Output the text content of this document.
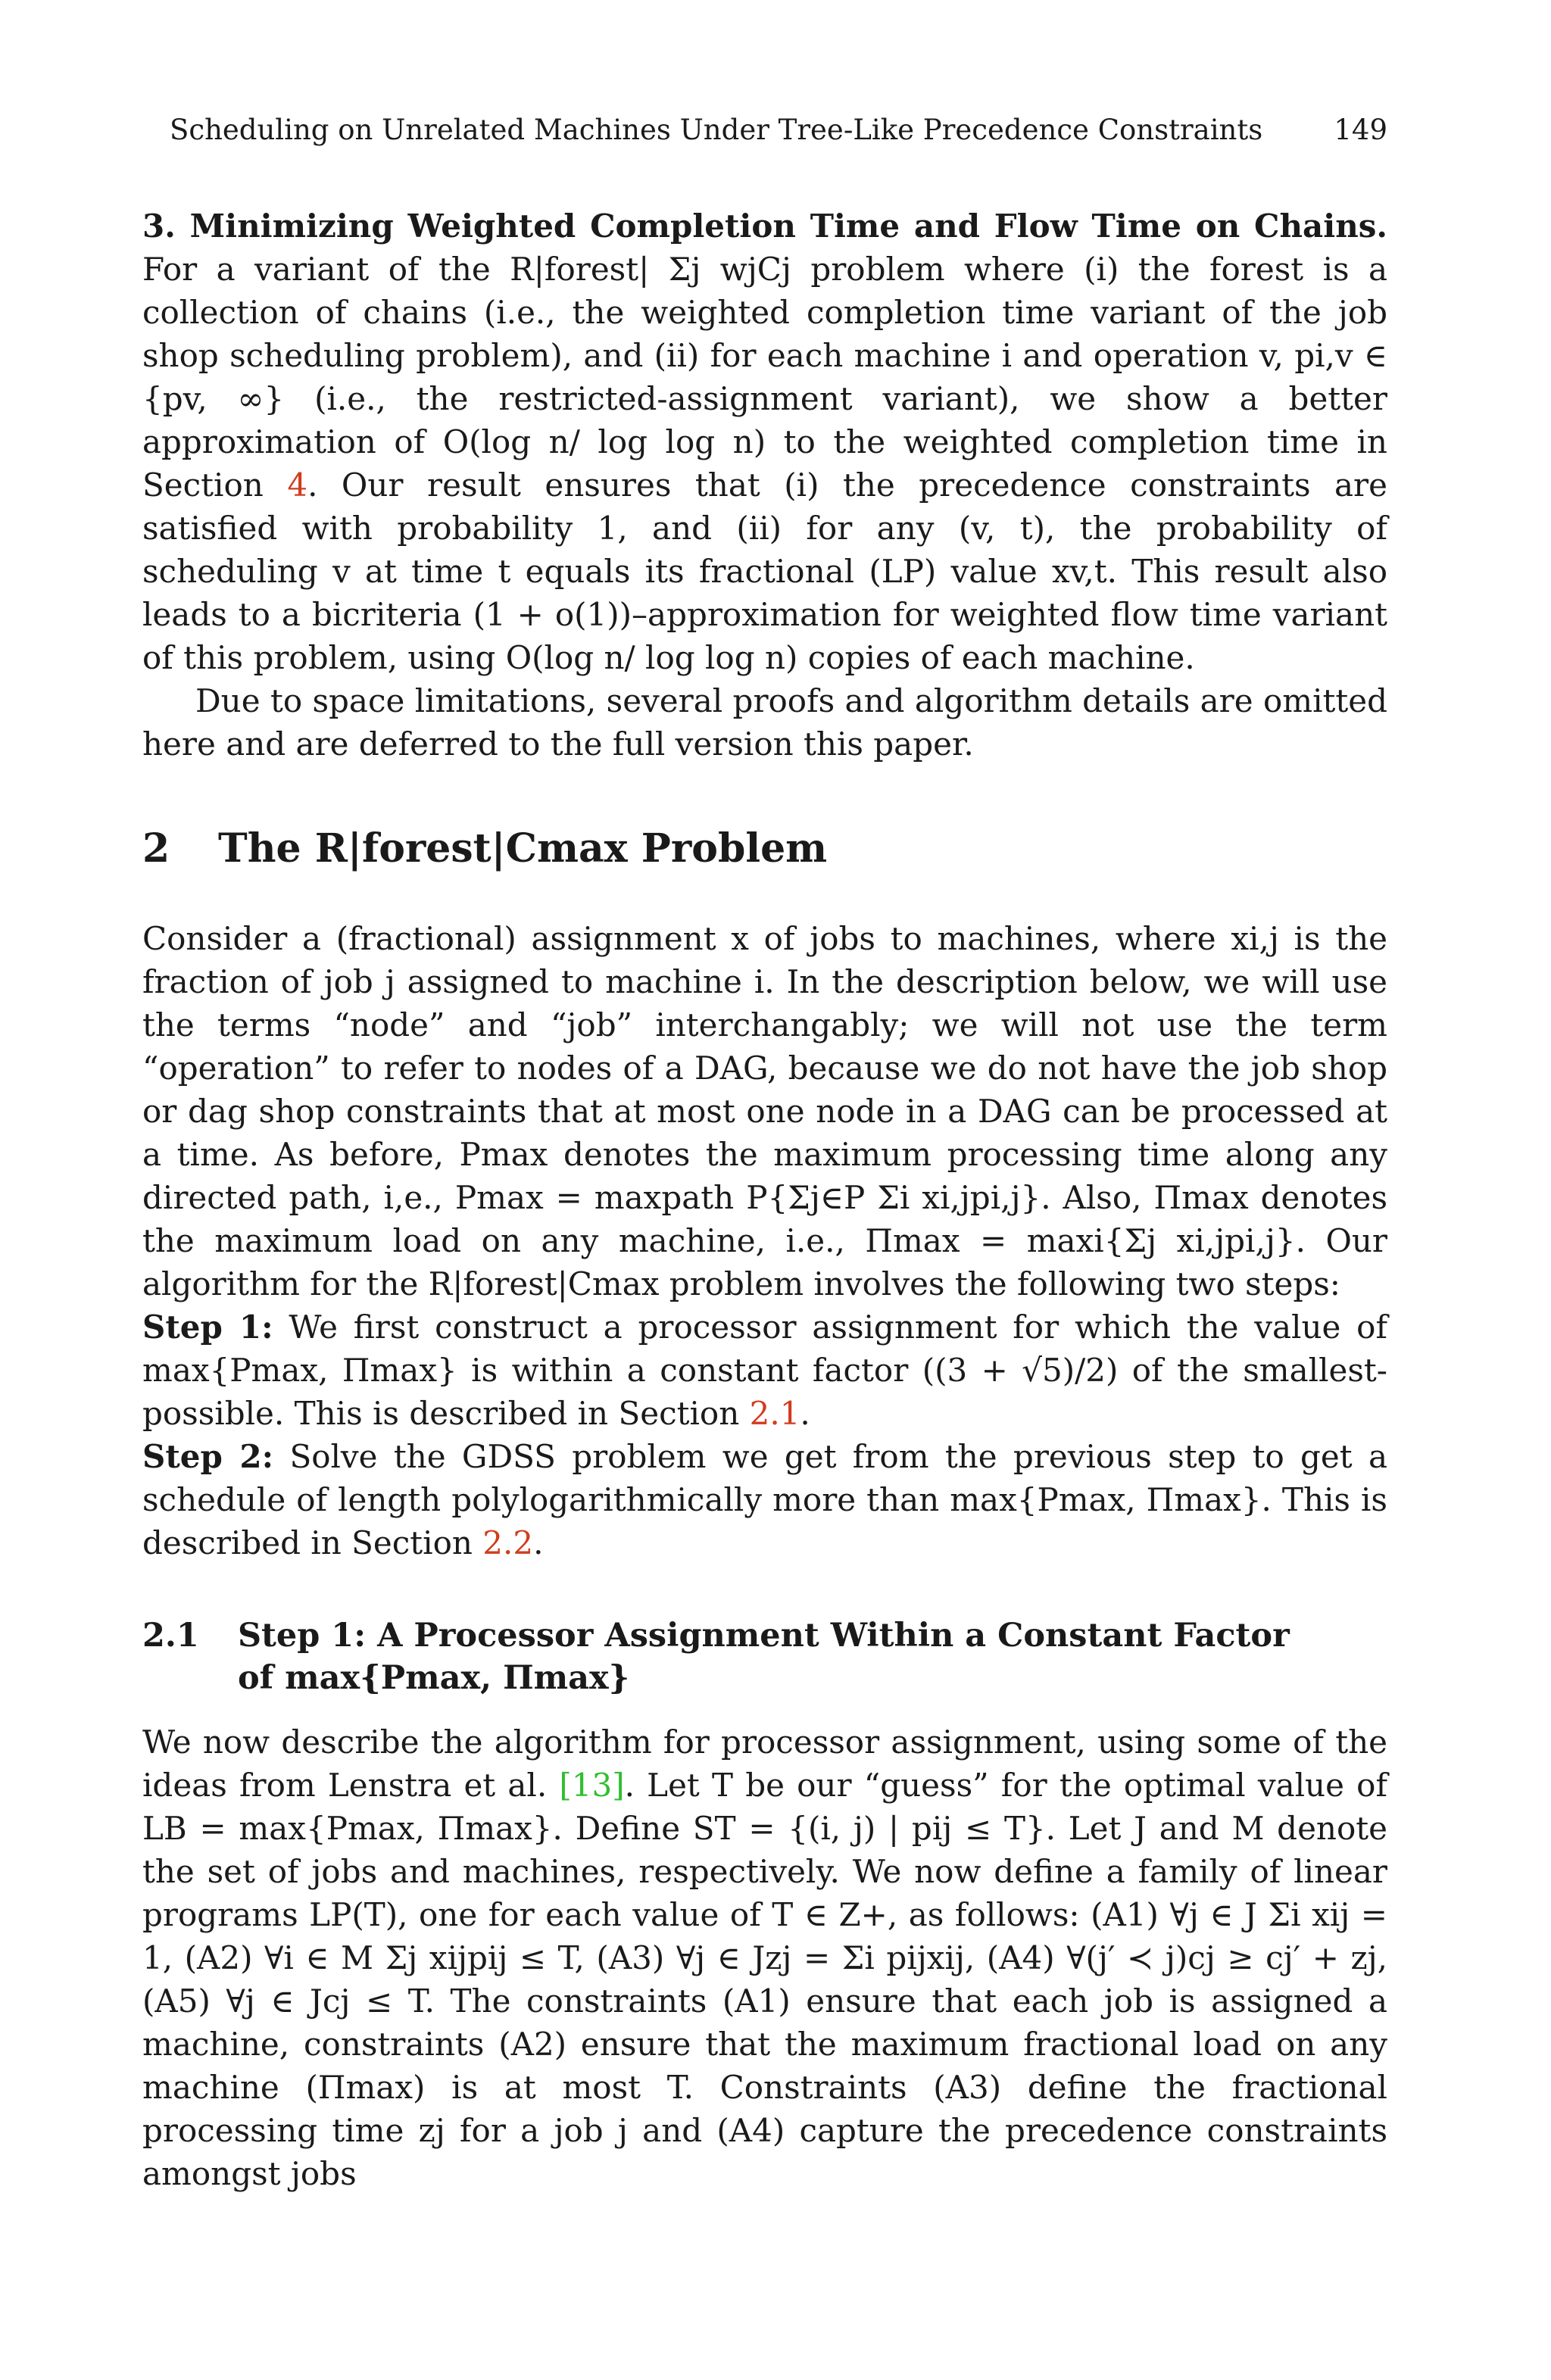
Scheduling on Unrelated Machines Under Tree-Like Precedence Constraints	149

3. Minimizing Weighted Completion Time and Flow Time on Chains. For a variant of the R|forest| Σj wjCj problem where (i) the forest is a collection of chains (i.e., the weighted completion time variant of the job shop scheduling problem), and (ii) for each machine i and operation v, pi,v ∈ {pv, ∞} (i.e., the restricted-assignment variant), we show a better approximation of O(log n/ log log n) to the weighted completion time in Section 4. Our result ensures that (i) the precedence constraints are satisfied with probability 1, and (ii) for any (v, t), the probability of scheduling v at time t equals its fractional (LP) value xv,t. This result also leads to a bicriteria (1 + o(1))–approximation for weighted flow time variant of this problem, using O(log n/ log log n) copies of each machine.

Due to space limitations, several proofs and algorithm details are omitted here and are deferred to the full version this paper.

2 The R|forest|Cmax Problem

Consider a (fractional) assignment x of jobs to machines, where xi,j is the fraction of job j assigned to machine i. In the description below, we will use the terms “node” and “job” interchangably; we will not use the term “operation” to refer to nodes of a DAG, because we do not have the job shop or dag shop constraints that at most one node in a DAG can be processed at a time. As before, Pmax denotes the maximum processing time along any directed path, i,e., Pmax = maxpath P{Σj∈P Σi xi,jpi,j}. Also, Πmax denotes the maximum load on any machine, i.e., Πmax = maxi{Σj xi,jpi,j}. Our algorithm for the R|forest|Cmax problem involves the following two steps:

Step 1: We first construct a processor assignment for which the value of max{Pmax, Πmax} is within a constant factor ((3 + √5)/2) of the smallest-possible. This is described in Section 2.1.

Step 2: Solve the GDSS problem we get from the previous step to get a schedule of length polylogarithmically more than max{Pmax, Πmax}. This is described in Section 2.2.

2.1	Step 1: A Processor Assignment Within a Constant Factor
of max{Pmax, Πmax}

We now describe the algorithm for processor assignment, using some of the ideas from Lenstra et al. [13]. Let T be our “guess” for the optimal value of LB = max{Pmax, Πmax}. Define ST = {(i, j) | pij ≤ T}. Let J and M denote the set of jobs and machines, respectively. We now define a family of linear programs LP(T), one for each value of T ∈ Z+, as follows: (A1) ∀j ∈ J Σi xij = 1, (A2) ∀i ∈ M Σj xijpij ≤ T, (A3) ∀j ∈ Jzj = Σi pijxij, (A4) ∀(j′ ≺ j)cj ≥ cj′ + zj, (A5) ∀j ∈ Jcj ≤ T. The constraints (A1) ensure that each job is assigned a machine, constraints (A2) ensure that the maximum fractional load on any machine (Πmax) is at most T. Constraints (A3) define the fractional processing time zj for a job j and (A4) capture the precedence constraints amongst jobs
